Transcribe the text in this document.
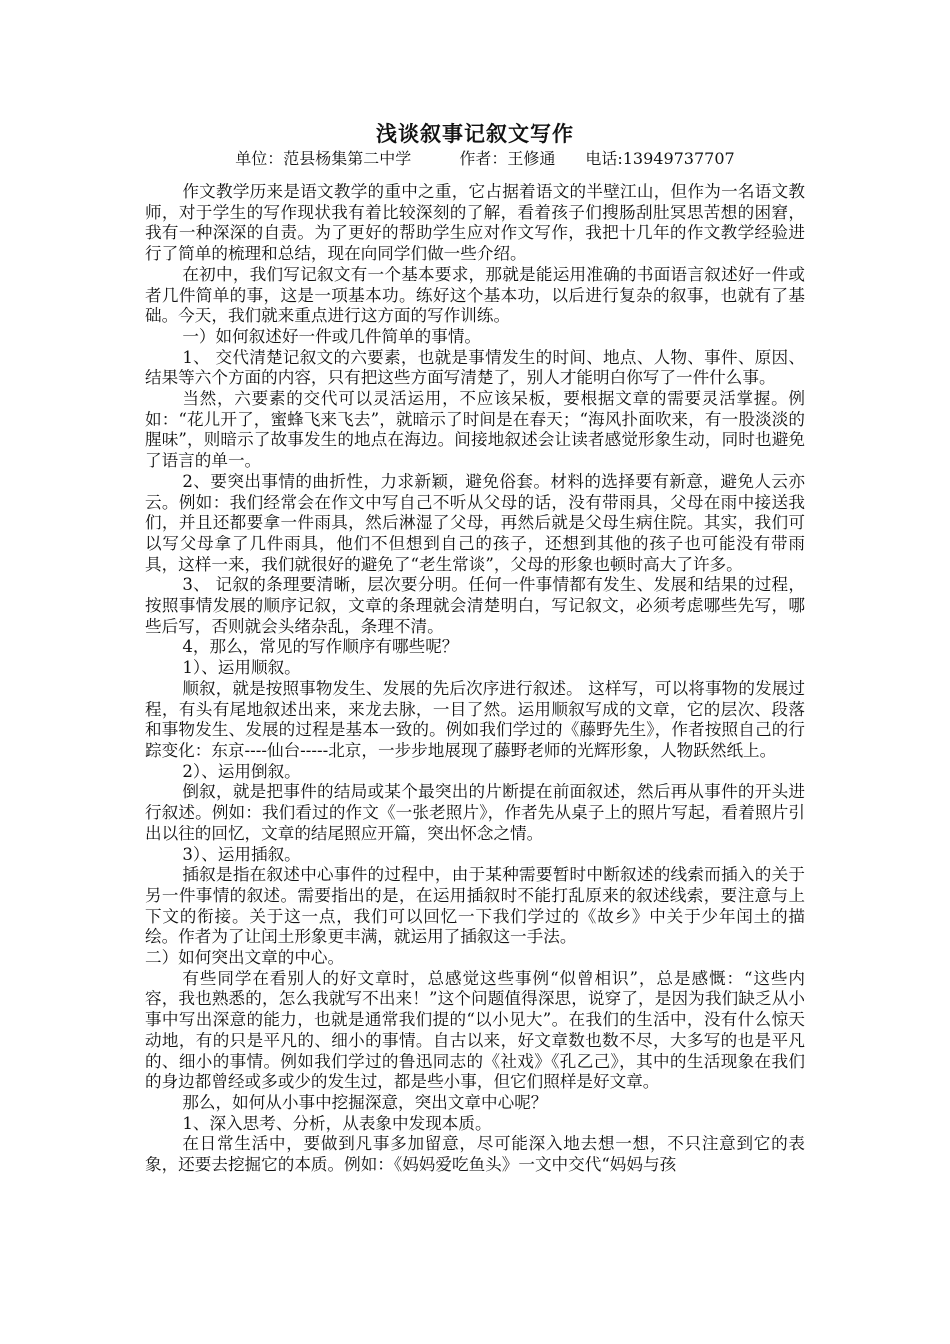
浅谈叙事记叙文写作
单位：范县杨集第二中学	作者：王修通 电话:13949737707

作文教学历来是语文教学的重中之重，它占据着语文的半壁江山，但作为一名语文教师，对于学生的写作现状我有着比较深刻的了解，看着孩子们搜肠刮肚冥思苦想的困窘，我有一种深深的自责。为了更好的帮助学生应对作文写作，我把十几年的作文教学经验进行了简单的梳理和总结，现在向同学们做一些介绍。

在初中，我们写记叙文有一个基本要求，那就是能运用准确的书面语言叙述好一件或者几件简单的事，这是一项基本功。练好这个基本功，以后进行复杂的叙事，也就有了基础。今天，我们就来重点进行这方面的写作训练。

一）如何叙述好一件或几件简单的事情。

1、 交代清楚记叙文的六要素，也就是事情发生的时间、地点、人物、事件、原因、结果等六个方面的内容，只有把这些方面写清楚了，别人才能明白你写了一件什么事。

当然，六要素的交代可以灵活运用，不应该呆板，要根据文章的需要灵活掌握。例如：“花儿开了，蜜蜂飞来飞去”，就暗示了时间是在春天；“海风扑面吹来，有一股淡淡的腥味”，则暗示了故事发生的地点在海边。间接地叙述会让读者感觉形象生动，同时也避免了语言的单一。

2、要突出事情的曲折性，力求新颖，避免俗套。材料的选择要有新意，避免人云亦云。例如：我们经常会在作文中写自己不听从父母的话，没有带雨具，父母在雨中接送我们，并且还都要拿一件雨具，然后淋湿了父母，再然后就是父母生病住院。其实，我们可以写父母拿了几件雨具，他们不但想到自己的孩子，还想到其他的孩子也可能没有带雨具，这样一来，我们就很好的避免了“老生常谈”，父母的形象也顿时高大了许多。

3、 记叙的条理要清晰，层次要分明。任何一件事情都有发生、发展和结果的过程，按照事情发展的顺序记叙，文章的条理就会清楚明白，写记叙文，必须考虑哪些先写，哪些后写，否则就会头绪杂乱，条理不清。

4，那么，常见的写作顺序有哪些呢？

1）、运用顺叙。

顺叙，就是按照事物发生、发展的先后次序进行叙述。 这样写，可以将事物的发展过程，有头有尾地叙述出来，来龙去脉，一目了然。运用顺叙写成的文章，它的层次、段落和事物发生、发展的过程是基本一致的。例如我们学过的《藤野先生》，作者按照自己的行踪变化：东京----仙台-----北京，一步步地展现了藤野老师的光辉形象，人物跃然纸上。

2）、运用倒叙。

倒叙，就是把事件的结局或某个最突出的片断提在前面叙述，然后再从事件的开头进行叙述。例如：我们看过的作文《一张老照片》，作者先从桌子上的照片写起，看着照片引出以往的回忆，文章的结尾照应开篇，突出怀念之情。

3）、运用插叙。

插叙是指在叙述中心事件的过程中，由于某种需要暂时中断叙述的线索而插入的关于另一件事情的叙述。需要指出的是，在运用插叙时不能打乱原来的叙述线索，要注意与上下文的衔接。关于这一点，我们可以回忆一下我们学过的《故乡》中关于少年闰土的描绘。作者为了让闰土形象更丰满，就运用了插叙这一手法。

二）如何突出文章的中心。

有些同学在看别人的好文章时，总感觉这些事例“似曾相识”，总是感慨：“这些内容，我也熟悉的，怎么我就写不出来！”这个问题值得深思，说穿了，是因为我们缺乏从小事中写出深意的能力，也就是通常我们提的“以小见大”。在我们的生活中，没有什么惊天动地，有的只是平凡的、细小的事情。自古以来，好文章数也数不尽，大多写的也是平凡的、细小的事情。例如我们学过的鲁迅同志的《社戏》《孔乙己》，其中的生活现象在我们的身边都曾经或多或少的发生过，都是些小事，但它们照样是好文章。

那么，如何从小事中挖掘深意，突出文章中心呢？

1、深入思考、分析，从表象中发现本质。

在日常生活中，要做到凡事多加留意，尽可能深入地去想一想，不只注意到它的表象，还要去挖掘它的本质。例如：《妈妈爱吃鱼头》一文中交代“妈妈与孩
